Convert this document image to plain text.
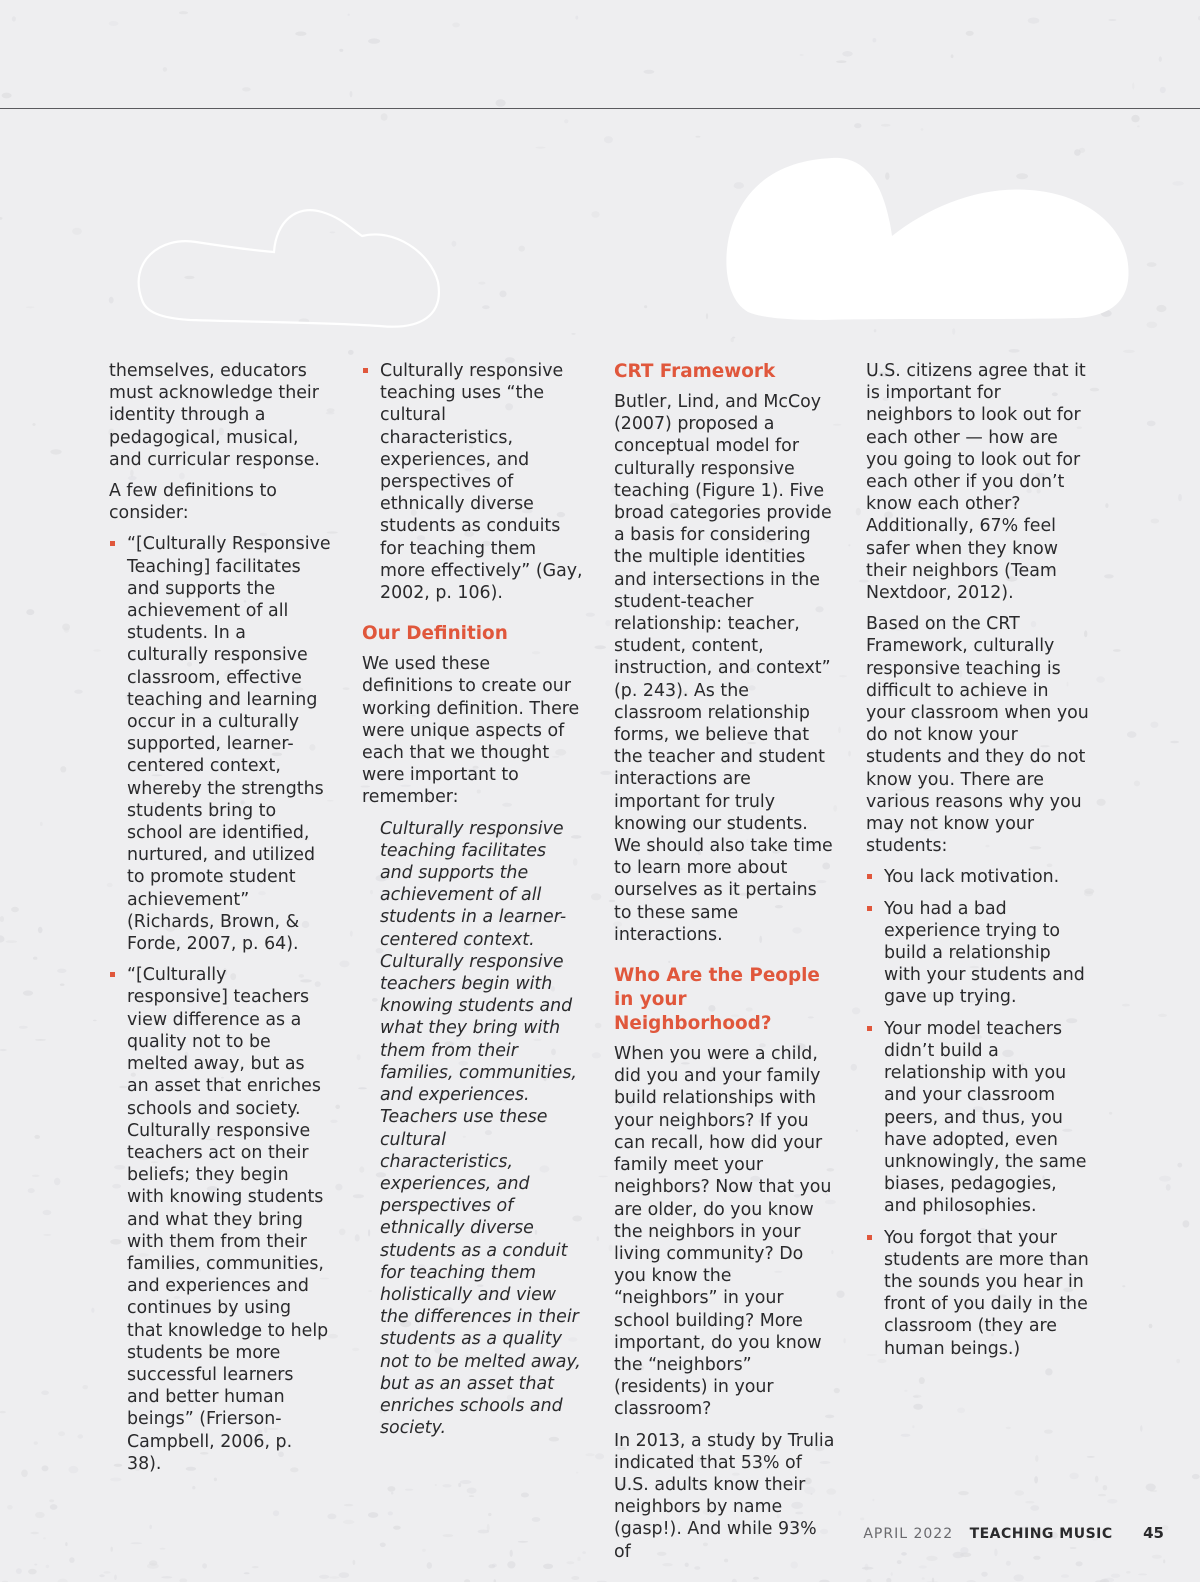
themselves, educators must acknowledge their identity through a pedagogical, musical, and curricular response.

A few definitions to consider:

“[Culturally Responsive Teaching] facilitates and supports the achievement of all students. In a culturally responsive classroom, effective teaching and learning occur in a culturally supported, learner-centered context, whereby the strengths students bring to school are identified, nurtured, and utilized to promote student achievement” (Richards, Brown, & Forde, 2007, p. 64).
“[Culturally responsive] teachers view difference as a quality not to be melted away, but as an asset that enriches schools and society. Culturally responsive teachers act on their beliefs; they begin with knowing students and what they bring with them from their families, communities, and experiences and continues by using that knowledge to help students be more successful learners and better human beings” (Frierson-Campbell, 2006, p. 38).
Culturally responsive teaching uses “the cultural characteristics, experiences, and perspectives of ethnically diverse students as conduits for teaching them more effectively” (Gay, 2002, p. 106).
Our Definition

We used these definitions to create our working definition. There were unique aspects of each that we thought were important to remember:

Culturally responsive teaching facilitates and supports the achievement of all students in a learner-centered context. Culturally responsive teachers begin with knowing students and what they bring with them from their families, communities, and experiences. Teachers use these cultural characteristics, experiences, and perspectives of ethnically diverse students as a conduit for teaching them holistically and view the differences in their students as a quality not to be melted away, but as an asset that enriches schools and society.
CRT Framework

Butler, Lind, and McCoy (2007) proposed a conceptual model for culturally responsive teaching (Figure 1). Five broad categories provide a basis for considering the multiple identities and intersections in the student-teacher relationship: teacher, student, content, instruction, and context” (p. 243). As the classroom relationship forms, we believe that the teacher and student interactions are important for truly knowing our students. We should also take time to learn more about ourselves as it pertains to these same interactions.

Who Are the People in your Neighborhood?

When you were a child, did you and your family build relationships with your neighbors? If you can recall, how did your family meet your neighbors? Now that you are older, do you know the neighbors in your living community? Do you know the “neighbors” in your school building? More important, do you know the “neighbors” (residents) in your classroom?

In 2013, a study by Trulia indicated that 53% of U.S. adults know their neighbors by name (gasp!). And while 93% of

U.S. citizens agree that it is important for neighbors to look out for each other — how are you going to look out for each other if you don’t know each other? Additionally, 67% feel safer when they know their neighbors (Team Nextdoor, 2012).

Based on the CRT Framework, culturally responsive teaching is difficult to achieve in your classroom when you do not know your students and they do not know you. There are various reasons why you may not know your students:

You lack motivation.
You had a bad experience trying to build a relationship with your students and gave up trying.
Your model teachers didn’t build a relationship with you and your classroom peers, and thus, you have adopted, even unknowingly, the same biases, pedagogies, and philosophies.
You forgot that your students are more than the sounds you hear in front of you daily in the classroom (they are human beings.)
APRIL 2022 TEACHING MUSIC 45
